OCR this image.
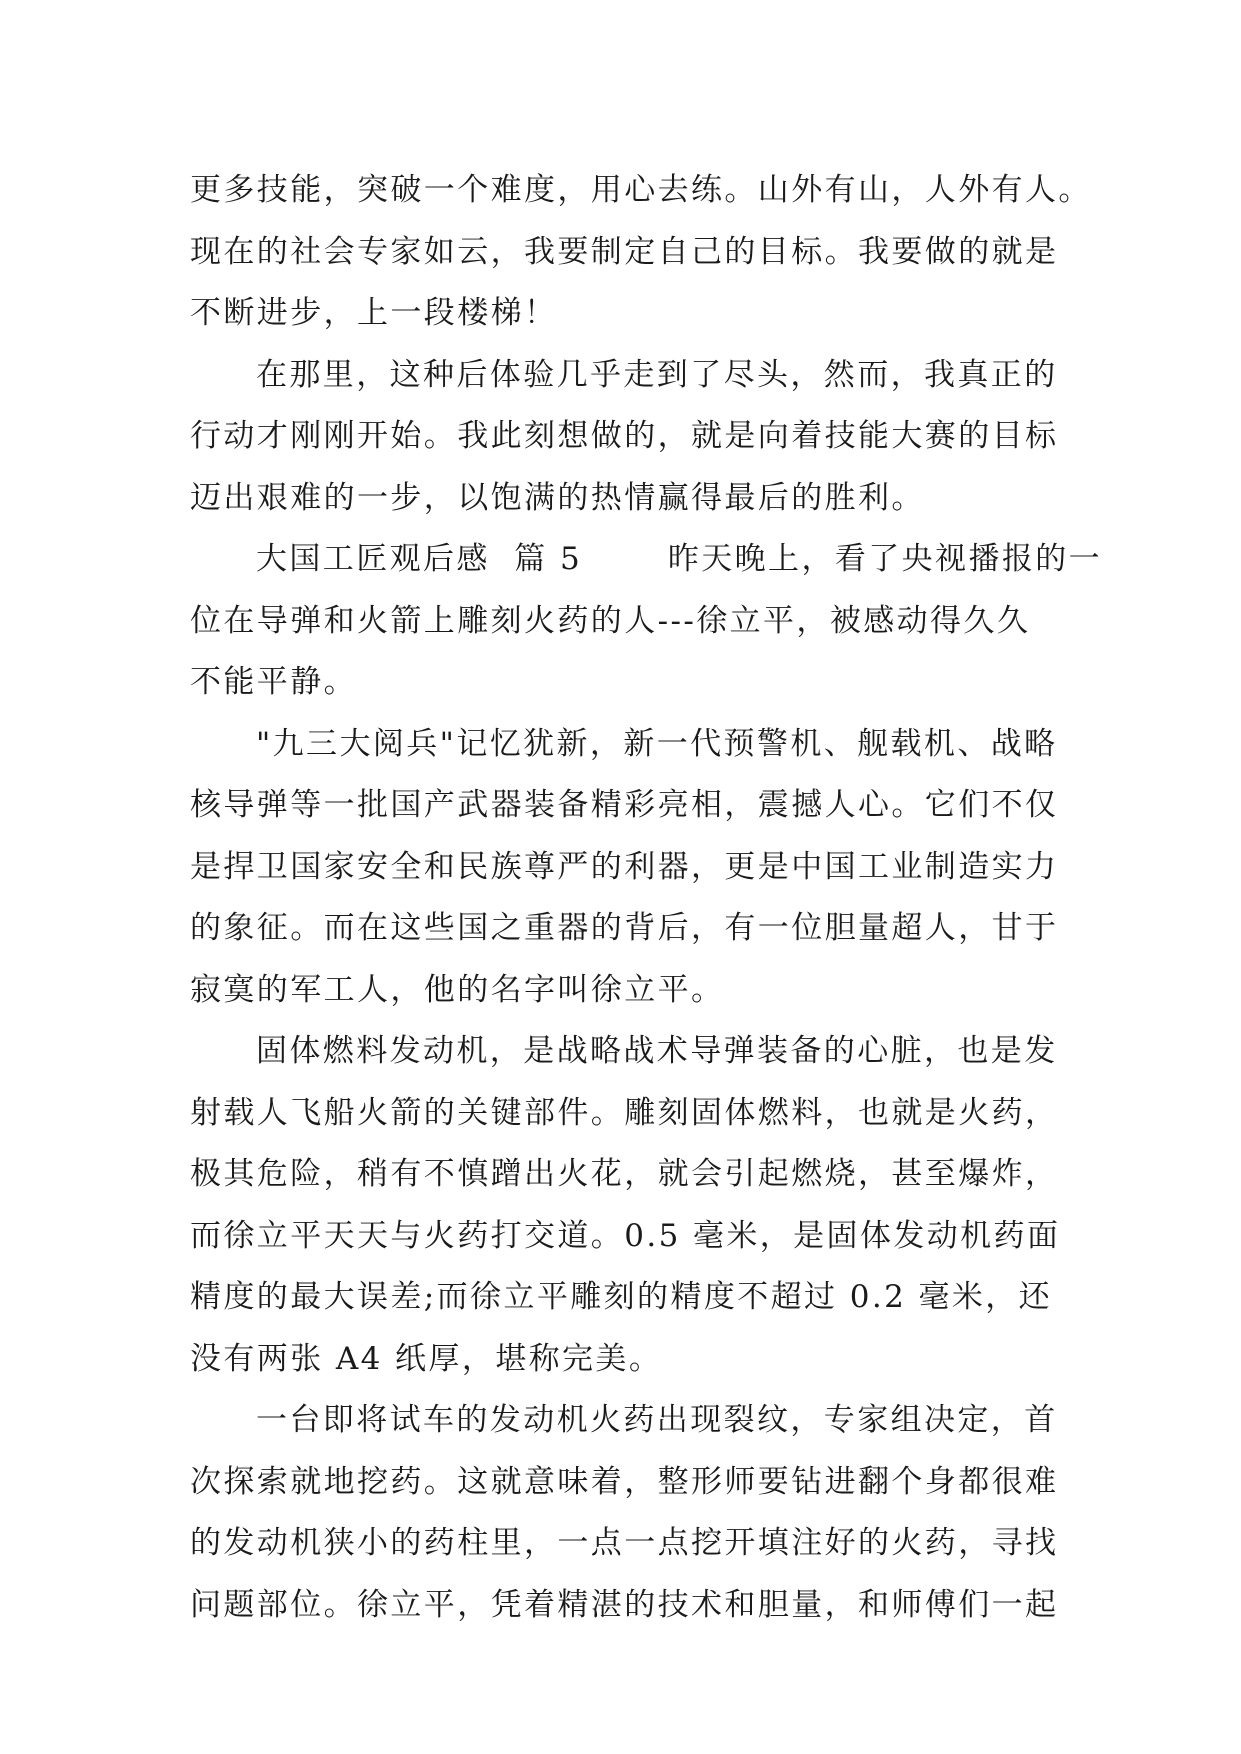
更多技能，突破一个难度，用心去练。山外有山，人外有人。
现在的社会专家如云，我要制定自己的目标。我要做的就是
不断进步，上一段楼梯！
在那里，这种后体验几乎走到了尽头，然而，我真正的
行动才刚刚开始。我此刻想做的，就是向着技能大赛的目标
迈出艰难的一步，以饱满的热情赢得最后的胜利。
大国工匠观后感  篇 5       昨天晚上，看了央视播报的一
位在导弹和火箭上雕刻火药的人---徐立平，被感动得久久
不能平静。
"九三大阅兵"记忆犹新，新一代预警机、舰载机、战略
核导弹等一批国产武器装备精彩亮相，震撼人心。它们不仅
是捍卫国家安全和民族尊严的利器，更是中国工业制造实力
的象征。而在这些国之重器的背后，有一位胆量超人，甘于
寂寞的军工人，他的名字叫徐立平。
固体燃料发动机，是战略战术导弹装备的心脏，也是发
射载人飞船火箭的关键部件。雕刻固体燃料，也就是火药，
极其危险，稍有不慎蹭出火花，就会引起燃烧，甚至爆炸，
而徐立平天天与火药打交道。0.5 毫米，是固体发动机药面
精度的最大误差;而徐立平雕刻的精度不超过 0.2 毫米，还
没有两张 A4 纸厚，堪称完美。
一台即将试车的发动机火药出现裂纹，专家组决定，首
次探索就地挖药。这就意味着，整形师要钻进翻个身都很难
的发动机狭小的药柱里，一点一点挖开填注好的火药，寻找
问题部位。徐立平，凭着精湛的技术和胆量，和师傅们一起
